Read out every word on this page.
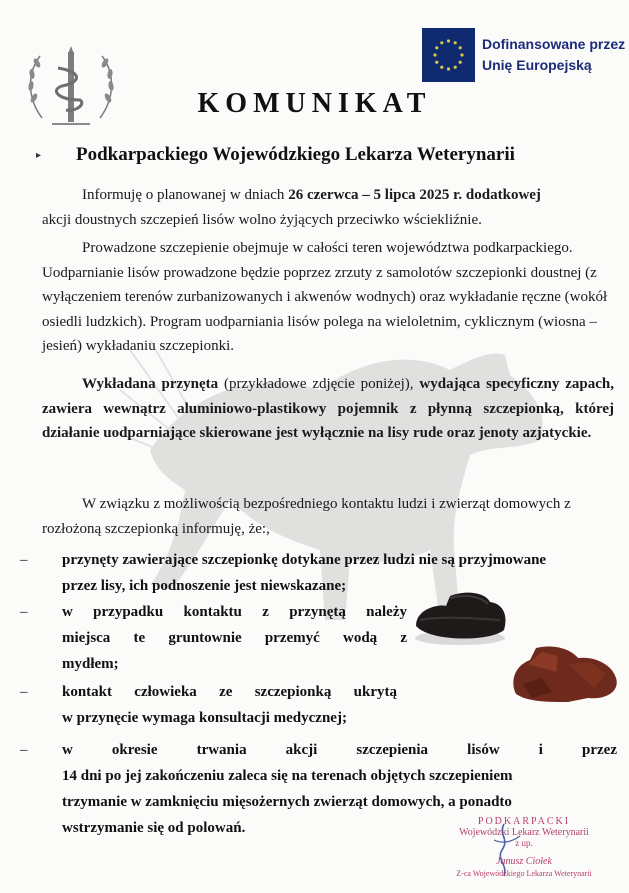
Dofinansowane przez
Unię Europejską
KOMUNIKAT
▸ Podkarpackiego Wojewódzkiego Lekarza Weterynarii

Informuję o planowanej w dniach 26 czerwca – 5 lipca 2025 r. dodatkowej
akcji doustnych szczepień lisów wolno żyjących przeciwko wściekliźnie.

Prowadzone szczepienie obejmuje w całości teren województwa podkarpackiego. Uodparnianie lisów prowadzone będzie poprzez zrzuty z samolotów szczepionki doustnej (z wyłączeniem terenów zurbanizowanych i akwenów wodnych) oraz wykładanie ręczne (wokół osiedli ludzkich). Program uodparniania lisów polega na wieloletnim, cyklicznym (wiosna – jesień) wykładaniu szczepionki.

Wykładana przynęta (przykładowe zdjęcie poniżej), wydająca specyficzny zapach, zawiera wewnątrz aluminiowo-plastikowy pojemnik z płynną szczepionką, której działanie uodparniające skierowane jest wyłącznie na lisy rude oraz jenoty azjatyckie.

W związku z możliwością bezpośredniego kontaktu ludzi i zwierząt domowych z rozłożoną szczepionką informuję, że:,

– przynęty zawierające szczepionkę dotykane przez ludzi nie są przyjmowane

przez lisy, ich podnoszenie jest niewskazane;

– w przypadku kontaktu z przynętą należy

miejsca te gruntownie przemyć wodą z

mydłem;

– kontakt człowieka ze szczepionką ukrytą

w przynęcie wymaga konsultacji medycznej;

– w okresie trwania akcji szczepienia lisów i przez

14 dni po jej zakończeniu zaleca się na terenach objętych szczepieniem

trzymanie w zamknięciu mięsożernych zwierząt domowych, a ponadto

wstrzymanie się od polowań.	PODKARPACKI
Wojewódzki Lekarz Weterynarii
z up.
Janusz Ciołek
Z-ca Wojewódzkiego Lekarza Weterynarii
